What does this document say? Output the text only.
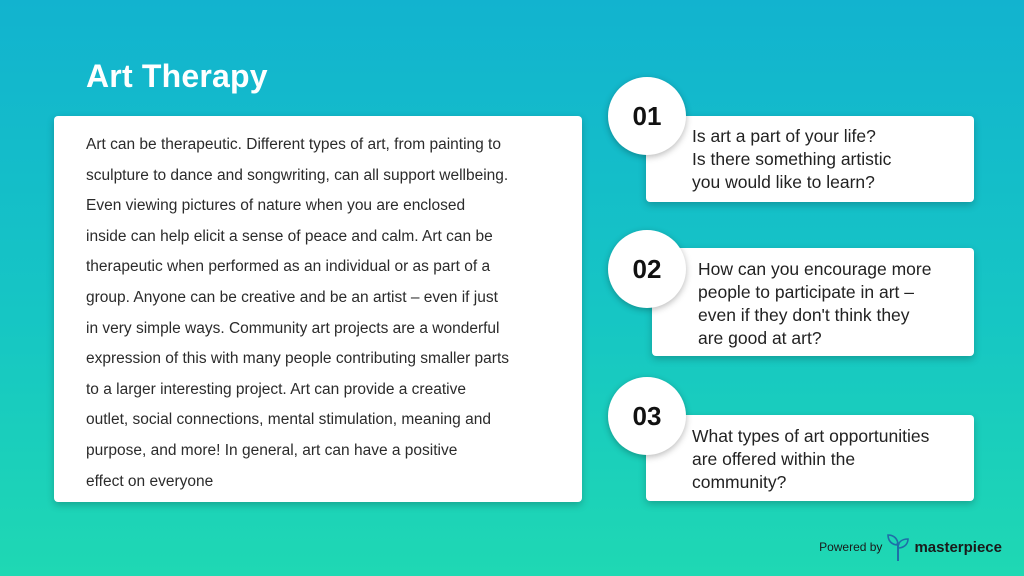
Art Therapy
Art can be therapeutic. Different types of art, from painting to
sculpture to dance and songwriting, can all support wellbeing.
Even viewing pictures of nature when you are enclosed
inside can help elicit a sense of peace and calm. Art can be
therapeutic when performed as an individual or as part of a
group. Anyone can be creative and be an artist – even if just
in very simple ways. Community art projects are a wonderful
expression of this with many people contributing smaller parts
to a larger interesting project. Art can provide a creative
outlet, social connections, mental stimulation, meaning and
purpose, and more! In general, art can have a positive
effect on everyone
Is art a part of your life?
Is there something artistic
you would like to learn?
01
How can you encourage more
people to participate in art –
even if they don't think they
are good at art?
02
What types of art opportunities
are offered within the
community?
03
Powered by masterpiece
